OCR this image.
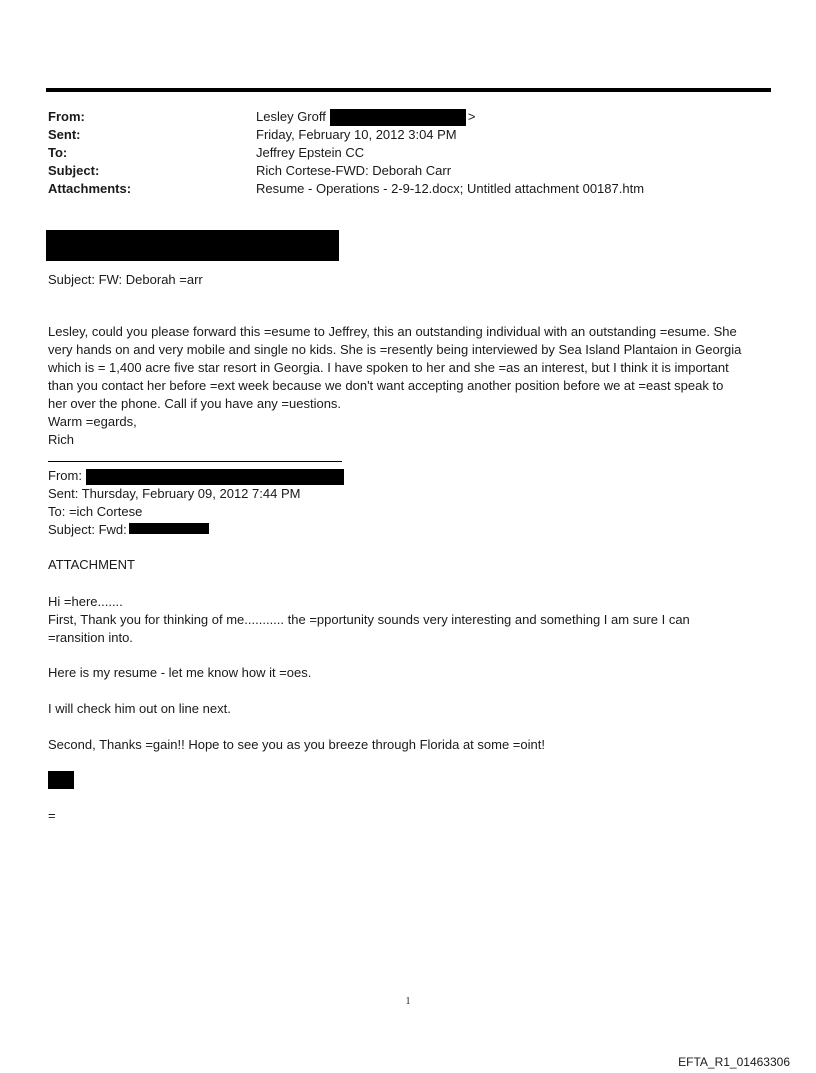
From:	Lesley Groff	>
Sent:	Friday, February 10, 2012 3:04 PM
To:	Jeffrey Epstein CC
Subject:	Rich Cortese-FWD: Deborah Carr
Attachments:	Resume - Operations - 2-9-12.docx; Untitled attachment 00187.htm

Subject: FW: Deborah =arr

Lesley, could you please forward this =esume to Jeffrey, this an outstanding individual with an outstanding =esume. She

very hands on and very mobile and single no kids. She is =resently being interviewed by Sea Island Plantaion in Georgia

which is = 1,400 acre five star resort in Georgia. I have spoken to her and she =as an interest, but I think it is important

than you contact her before =ext week because we don't want accepting another position before we at =east speak to

her over the phone. Call if you have any =uestions.

Warm =egards,

Rich

From:

Sent: Thursday, February 09, 2012 7:44 PM

To: =ich Cortese

Subject: Fwd:

ATTACHMENT

Hi =here.......

First, Thank you for thinking of me........... the =pportunity sounds very interesting and something I am sure I can

=ransition into.

Here is my resume - let me know how it =oes.

I will check him out on line next.

Second, Thanks =gain!! Hope to see you as you breeze through Florida at some =oint!

=

1
EFTA_R1_01463306
